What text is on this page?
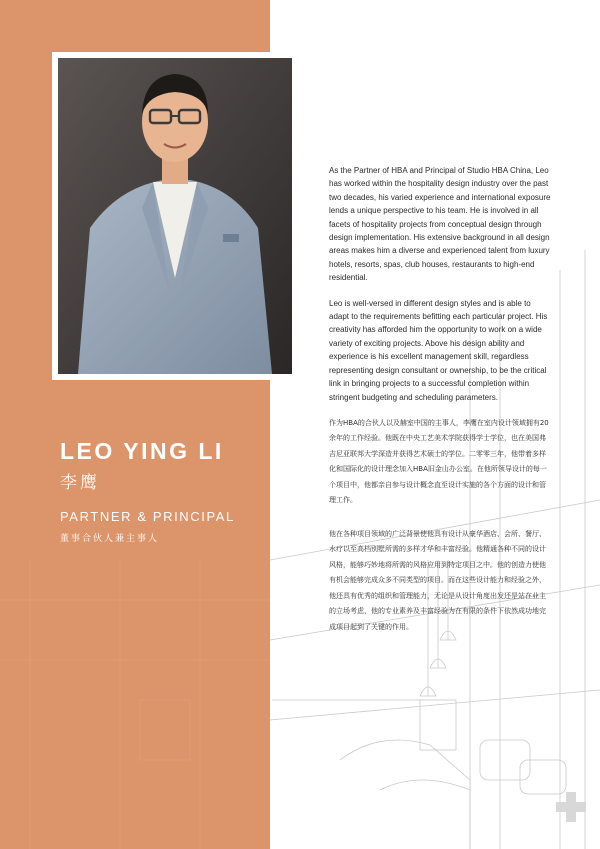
LEO YING LI
李鹰
PARTNER & PRINCIPAL
董事合伙人兼主事人

As the Partner of HBA and Principal of Studio HBA China, Leo has worked within the hospitality design industry over the past two decades, his varied experience and international exposure lends a unique perspective to his team. He is involved in all facets of hospitality projects from conceptual design through design implementation. His extensive background in all design areas makes him a diverse and experienced talent from luxury hotels, resorts, spas, club houses, restaurants to high-end residential.

Leo is well-versed in different design styles and is able to adapt to the requirements befitting each particular project. His creativity has afforded him the opportunity to work on a wide variety of exciting projects. Above his design ability and experience is his excellent management skill, regardless representing design consultant or ownership, to be the critical link in bringing projects to a successful completion within stringent budgeting and scheduling parameters.

作为HBA的合伙人以及赫室中国的主事人，李鹰在室内设计领域拥有20余年的工作经验。他既在中央工艺美术学院获得学士学位，也在美国弗吉尼亚联邦大学深造并获得艺术硕士的学位。二零零三年，他带着多样化和国际化的设计理念加入HBA旧金山办公室。在他所领导设计的每一个项目中，他都亲自参与设计概念直至设计实施的各个方面的设计和管理工作。

他在各种项目领域的广泛背景使他具有设计从豪华酒店、会所、餐厅、水疗以至高档别墅所需的多样才华和丰富经验。他精通各种不同的设计风格，能够巧妙地将所需的风格应用到特定项目之中。他的创造力使他有机会能够完成众多不同类型的项目。而在这些设计能力和经验之外，他还具有优秀的组织和管理能力，无论是从设计角度出发还是站在业主的立场考虑，他的专业素养及丰富经验为在有限的条件下依然成功地完成项目起到了关键的作用。
